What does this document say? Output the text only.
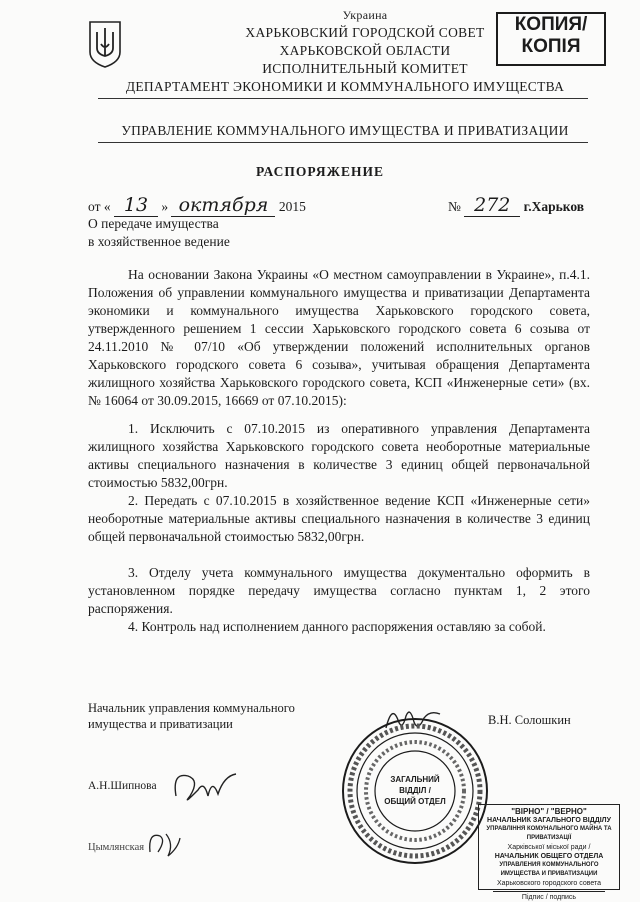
Украина
ХАРЬКОВСКИЙ ГОРОДСКОЙ СОВЕТ
ХАРЬКОВСКОЙ ОБЛАСТИ
ИСПОЛНИТЕЛЬНЫЙ КОМИТЕТ
ДЕПАРТАМЕНТ ЭКОНОМИКИ И КОММУНАЛЬНОГО ИМУЩЕСТВА
УПРАВЛЕНИЕ КОММУНАЛЬНОГО ИМУЩЕСТВА И ПРИВАТИЗАЦИИ
КОПИЯ/
КОПІЯ
РАСПОРЯЖЕНИЕ
от « 13 » октября 2015	№ 272 г.Харьков
О передаче имущества
в хозяйственное ведение

На основании Закона Украины «О местном самоуправлении в Украине», п.4.1. Положения об управлении коммунального имущества и приватизации Департамента экономики и коммунального имущества Харьковского городского совета, утвержденного решением 1 сессии Харьковского городского совета 6 созыва от 24.11.2010 № 07/10 «Об утверждении положений исполнительных органов Харьковского городского совета 6 созыва», учитывая обращения Департамента жилищного хозяйства Харьковского городского совета, КСП «Инженерные сети» (вх. № 16064 от 30.09.2015, 16669 от 07.10.2015):

1. Исключить с 07.10.2015 из оперативного управления Департамента жилищного хозяйства Харьковского городского совета необоротные материальные активы специального назначения в количестве 3 единиц общей первоначальной стоимостью 5832,00грн.

2. Передать с 07.10.2015 в хозяйственное ведение КСП «Инженерные сети» необоротные материальные активы специального назначения в количестве 3 единиц общей первоначальной стоимостью 5832,00грн.

3. Отделу учета коммунального имущества документально оформить в установленном порядке передачу имущества согласно пунктам 1, 2 этого распоряжения.

4. Контроль над исполнением данного распоряжения оставляю за собой.

Начальник управления коммунального
имущества и приватизации	В.Н. Солошкин
А.Н.Шипнова
Цымлянская
ЗАГАЛЬНИЙ
ВІДДІЛ /
ОБЩИЙ ОТДЕЛ
"ВІРНО" / "ВЕРНО"
НАЧАЛЬНИК ЗАГАЛЬНОГО ВІДДІЛУ
УПРАВЛІННЯ КОМУНАЛЬНОГО МАЙНА ТА ПРИВАТИЗАЦІЇ
Харківської міської ради /
НАЧАЛЬНИК ОБЩЕГО ОТДЕЛА
УПРАВЛЕНИЯ КОММУНАЛЬНОГО ИМУЩЕСТВА И ПРИВАТИЗАЦИИ
Харьковского городского совета
Підпис / подпись
